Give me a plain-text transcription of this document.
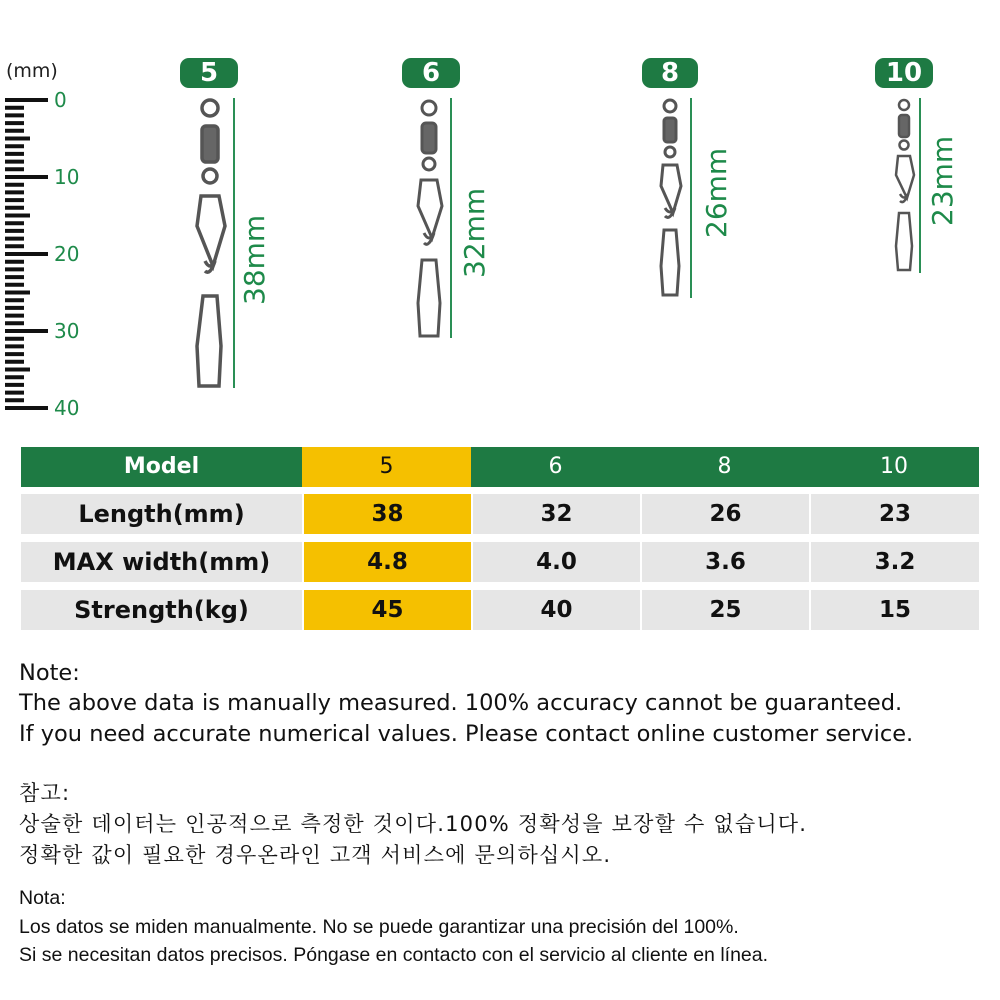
(mm)
0
10
20
30
40
5
38mm
6
32mm
8
26mm
10
23mm
Model	5	6	8	10
Length(mm)	38	32	26	23
MAX width(mm)	4.8	4.0	3.6	3.2
Strength(kg)	45	40	25	15
Note:
The above data is manually measured. 100% accuracy cannot be guaranteed.
If you need accurate numerical values. Please contact online customer service.
참고:
상술한 데이터는 인공적으로 측정한 것이다.100% 정확성을 보장할 수 없습니다.
정확한 값이 필요한 경우온라인 고객 서비스에 문의하십시오.
Nota:
Los datos se miden manualmente. No se puede garantizar una precisión del 100%.
Si se necesitan datos precisos. Póngase en contacto con el servicio al cliente en línea.
